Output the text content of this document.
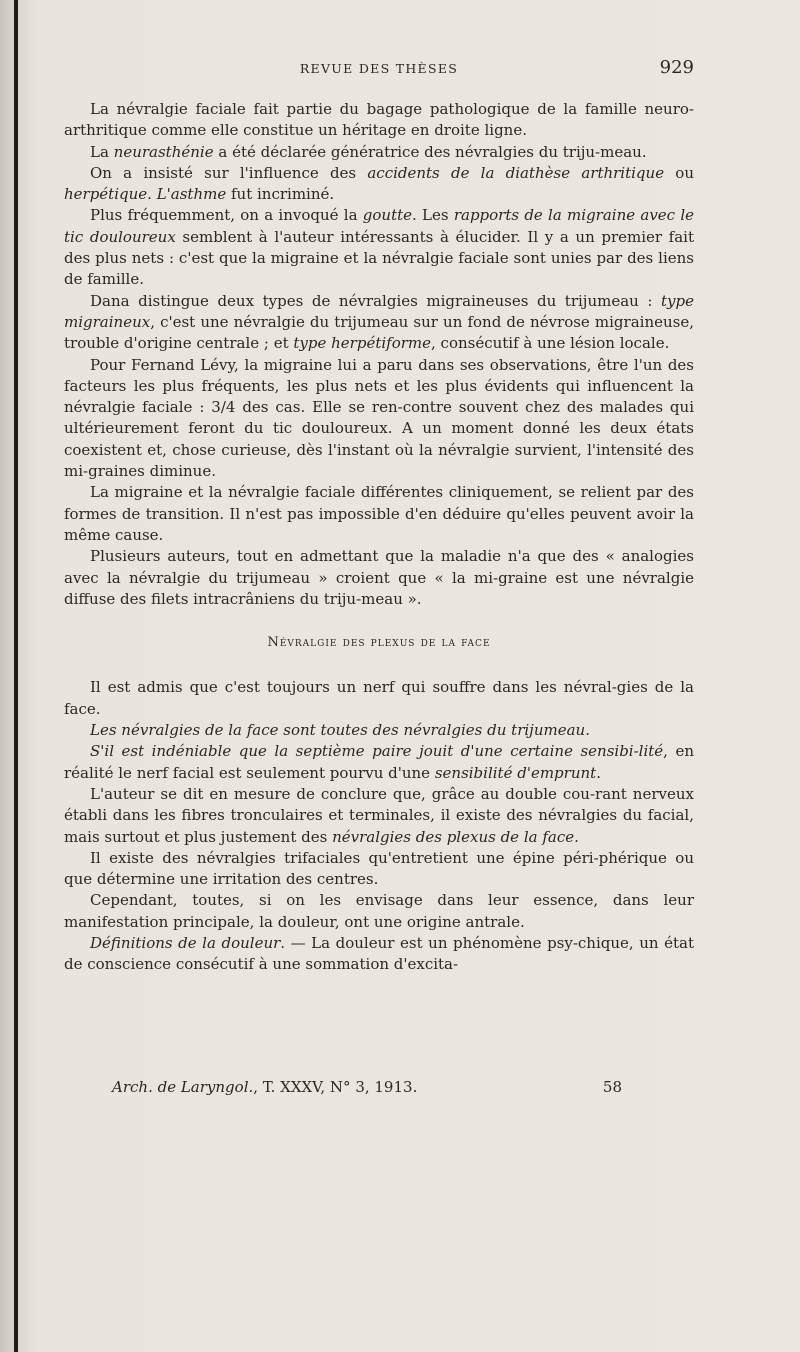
REVUE DES THÈSES	929

La névralgie faciale fait partie du bagage pathologique de la famille neuro-arthritique comme elle constitue un héritage en droite ligne.

La neurasthénie a été déclarée génératrice des névralgies du triju-meau.

On a insisté sur l'influence des accidents de la diathèse arthritique ou herpétique. L'asthme fut incriminé.

Plus fréquemment, on a invoqué la goutte. Les rapports de la migraine avec le tic douloureux semblent à l'auteur intéressants à élucider. Il y a un premier fait des plus nets : c'est que la migraine et la névralgie faciale sont unies par des liens de famille.

Dana distingue deux types de névralgies migraineuses du trijumeau : type migraineux, c'est une névralgie du trijumeau sur un fond de névrose migraineuse, trouble d'origine centrale ; et type herpétiforme, consécutif à une lésion locale.

Pour Fernand Lévy, la migraine lui a paru dans ses observations, être l'un des facteurs les plus fréquents, les plus nets et les plus évidents qui influencent la névralgie faciale : 3/4 des cas. Elle se ren-contre souvent chez des malades qui ultérieurement feront du tic douloureux. A un moment donné les deux états coexistent et, chose curieuse, dès l'instant où la névralgie survient, l'intensité des mi-graines diminue.

La migraine et la névralgie faciale différentes cliniquement, se relient par des formes de transition. Il n'est pas impossible d'en déduire qu'elles peuvent avoir la même cause.

Plusieurs auteurs, tout en admettant que la maladie n'a que des « analogies avec la névralgie du trijumeau » croient que « la mi-graine est une névralgie diffuse des filets intracrâniens du triju-meau ».

Névralgie des plexus de la face

Il est admis que c'est toujours un nerf qui souffre dans les névral-gies de la face.

Les névralgies de la face sont toutes des névralgies du trijumeau.

S'il est indéniable que la septième paire jouit d'une certaine sensibi-lité, en réalité le nerf facial est seulement pourvu d'une sensibilité d'emprunt.

L'auteur se dit en mesure de conclure que, grâce au double cou-rant nerveux établi dans les fibres tronculaires et terminales, il existe des névralgies du facial, mais surtout et plus justement des névralgies des plexus de la face.

Il existe des névralgies trifaciales qu'entretient une épine péri-phérique ou que détermine une irritation des centres.

Cependant, toutes, si on les envisage dans leur essence, dans leur manifestation principale, la douleur, ont une origine antrale.

Définitions de la douleur. — La douleur est un phénomène psy-chique, un état de conscience consécutif à une sommation d'excita-

Arch. de Laryngol., T. XXXV, N° 3, 1913.	58
